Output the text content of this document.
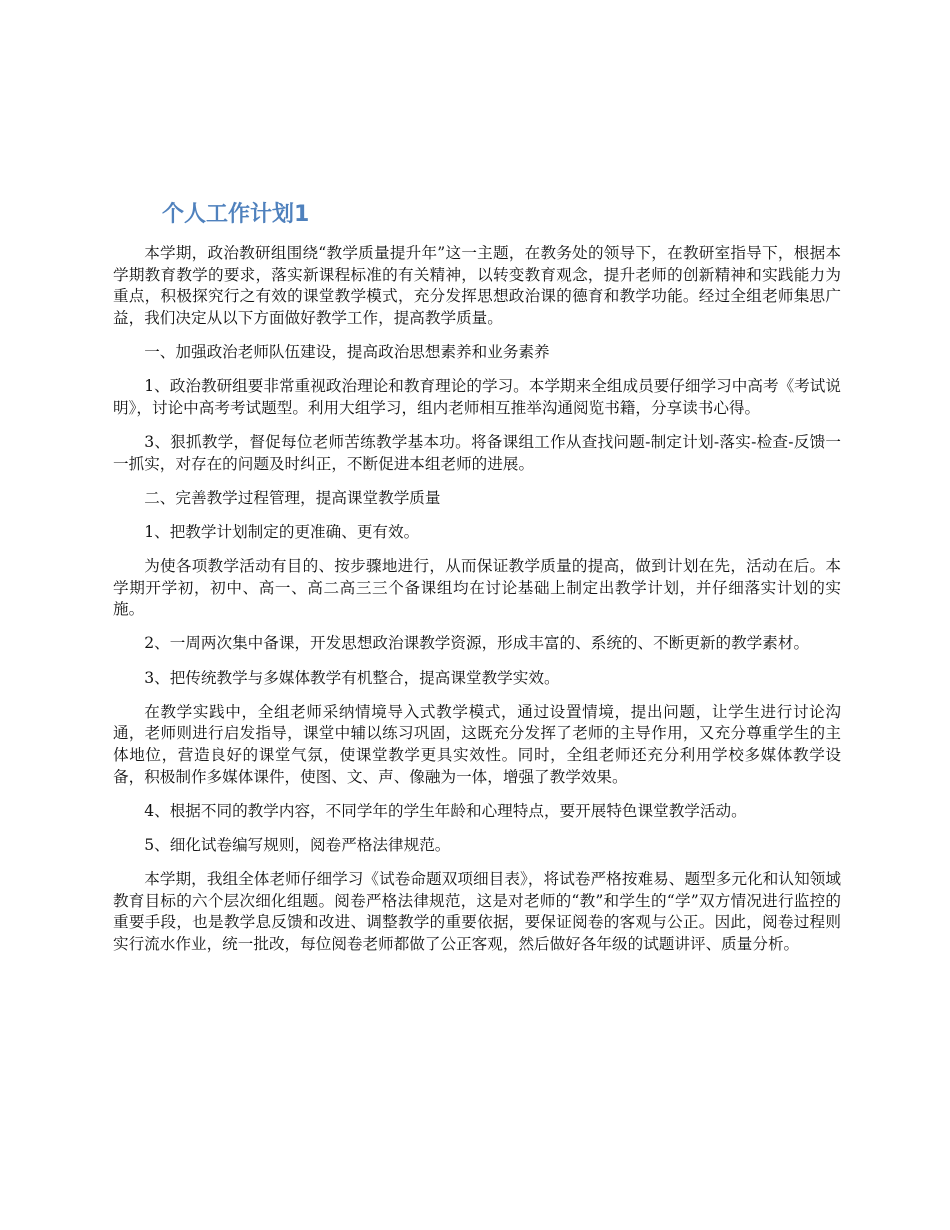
个人工作计划1

本学期，政治教研组围绕“教学质量提升年”这一主题，在教务处的领导下，在教研室指导下，根据本学期教育教学的要求，落实新课程标准的有关精神，以转变教育观念，提升老师的创新精神和实践能力为重点，积极探究行之有效的课堂教学模式，充分发挥思想政治课的德育和教学功能。经过全组老师集思广益，我们决定从以下方面做好教学工作，提高教学质量。

一、加强政治老师队伍建设，提高政治思想素养和业务素养

1、政治教研组要非常重视政治理论和教育理论的学习。本学期来全组成员要仔细学习中高考《考试说明》，讨论中高考考试题型。利用大组学习，组内老师相互推举沟通阅览书籍，分享读书心得。

3、狠抓教学，督促每位老师苦练教学基本功。将备课组工作从查找问题-制定计划-落实-检查-反馈一一抓实，对存在的问题及时纠正，不断促进本组老师的进展。

二、完善教学过程管理，提高课堂教学质量

1、把教学计划制定的更准确、更有效。

为使各项教学活动有目的、按步骤地进行，从而保证教学质量的提高，做到计划在先，活动在后。本学期开学初，初中、高一、高二高三三个备课组均在讨论基础上制定出教学计划，并仔细落实计划的实施。

2、一周两次集中备课，开发思想政治课教学资源，形成丰富的、系统的、不断更新的教学素材。

3、把传统教学与多媒体教学有机整合，提高课堂教学实效。

在教学实践中，全组老师采纳情境导入式教学模式，通过设置情境，提出问题，让学生进行讨论沟通，老师则进行启发指导，课堂中辅以练习巩固，这既充分发挥了老师的主导作用，又充分尊重学生的主体地位，营造良好的课堂气氛，使课堂教学更具实效性。同时，全组老师还充分利用学校多媒体教学设备，积极制作多媒体课件，使图、文、声、像融为一体，增强了教学效果。

4、根据不同的教学内容，不同学年的学生年龄和心理特点，要开展特色课堂教学活动。

5、细化试卷编写规则，阅卷严格法律规范。

本学期，我组全体老师仔细学习《试卷命题双项细目表》，将试卷严格按难易、题型多元化和认知领域教育目标的六个层次细化组题。阅卷严格法律规范，这是对老师的“教”和学生的“学”双方情况进行监控的重要手段，也是教学息反馈和改进、调整教学的重要依据，要保证阅卷的客观与公正。因此，阅卷过程则实行流水作业，统一批改，每位阅卷老师都做了公正客观，然后做好各年级的试题讲评、质量分析。
